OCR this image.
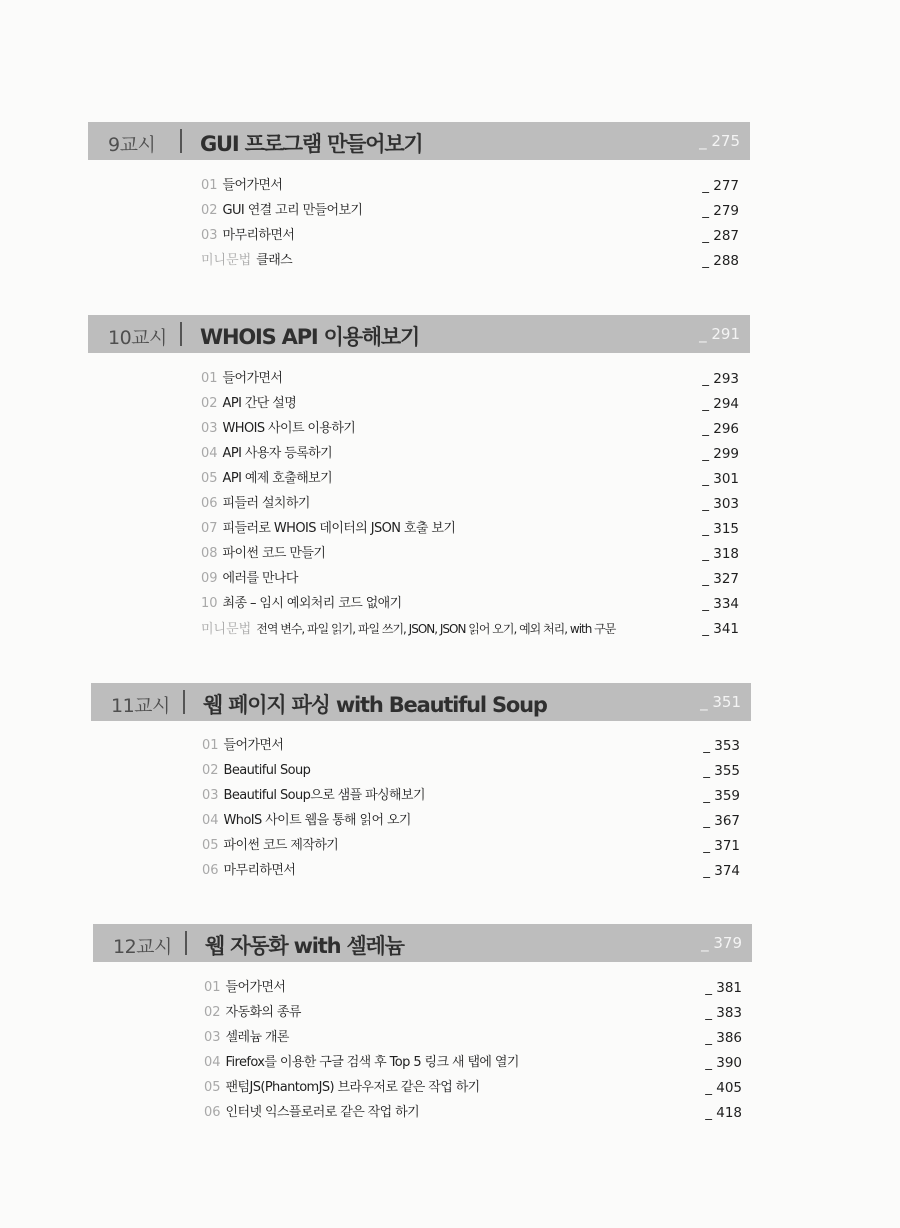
9교시 GUI 프로그램 만들어보기	_ 275
01 들어가면서	_ 277
02 GUI 연결 고리 만들어보기	_ 279
03 마무리하면서	_ 287
미니문법 클래스	_ 288
10교시 WHOIS API 이용해보기	_ 291
01 들어가면서	_ 293
02 API 간단 설명	_ 294
03 WHOIS 사이트 이용하기	_ 296
04 API 사용자 등록하기	_ 299
05 API 예제 호출해보기	_ 301
06 피들러 설치하기	_ 303
07 피들러로 WHOIS 데이터의 JSON 호출 보기	_ 315
08 파이썬 코드 만들기	_ 318
09 에러를 만나다	_ 327
10 최종 – 임시 예외처리 코드 없애기	_ 334
미니문법 전역 변수, 파일 읽기, 파일 쓰기, JSON, JSON 읽어 오기, 예외 처리, with 구문	_ 341
11교시 웹 페이지 파싱 with Beautiful Soup	_ 351
01 들어가면서	_ 353
02 Beautiful Soup	_ 355
03 Beautiful Soup으로 샘플 파싱해보기	_ 359
04 WhoIS 사이트 웹을 통해 읽어 오기	_ 367
05 파이썬 코드 제작하기	_ 371
06 마무리하면서	_ 374
12교시 웹 자동화 with 셀레늄	_ 379
01 들어가면서	_ 381
02 자동화의 종류	_ 383
03 셀레늄 개론	_ 386
04 Firefox를 이용한 구글 검색 후 Top 5 링크 새 탭에 열기	_ 390
05 팬텀JS(PhantomJS) 브라우저로 같은 작업 하기	_ 405
06 인터넷 익스플로러로 같은 작업 하기	_ 418
